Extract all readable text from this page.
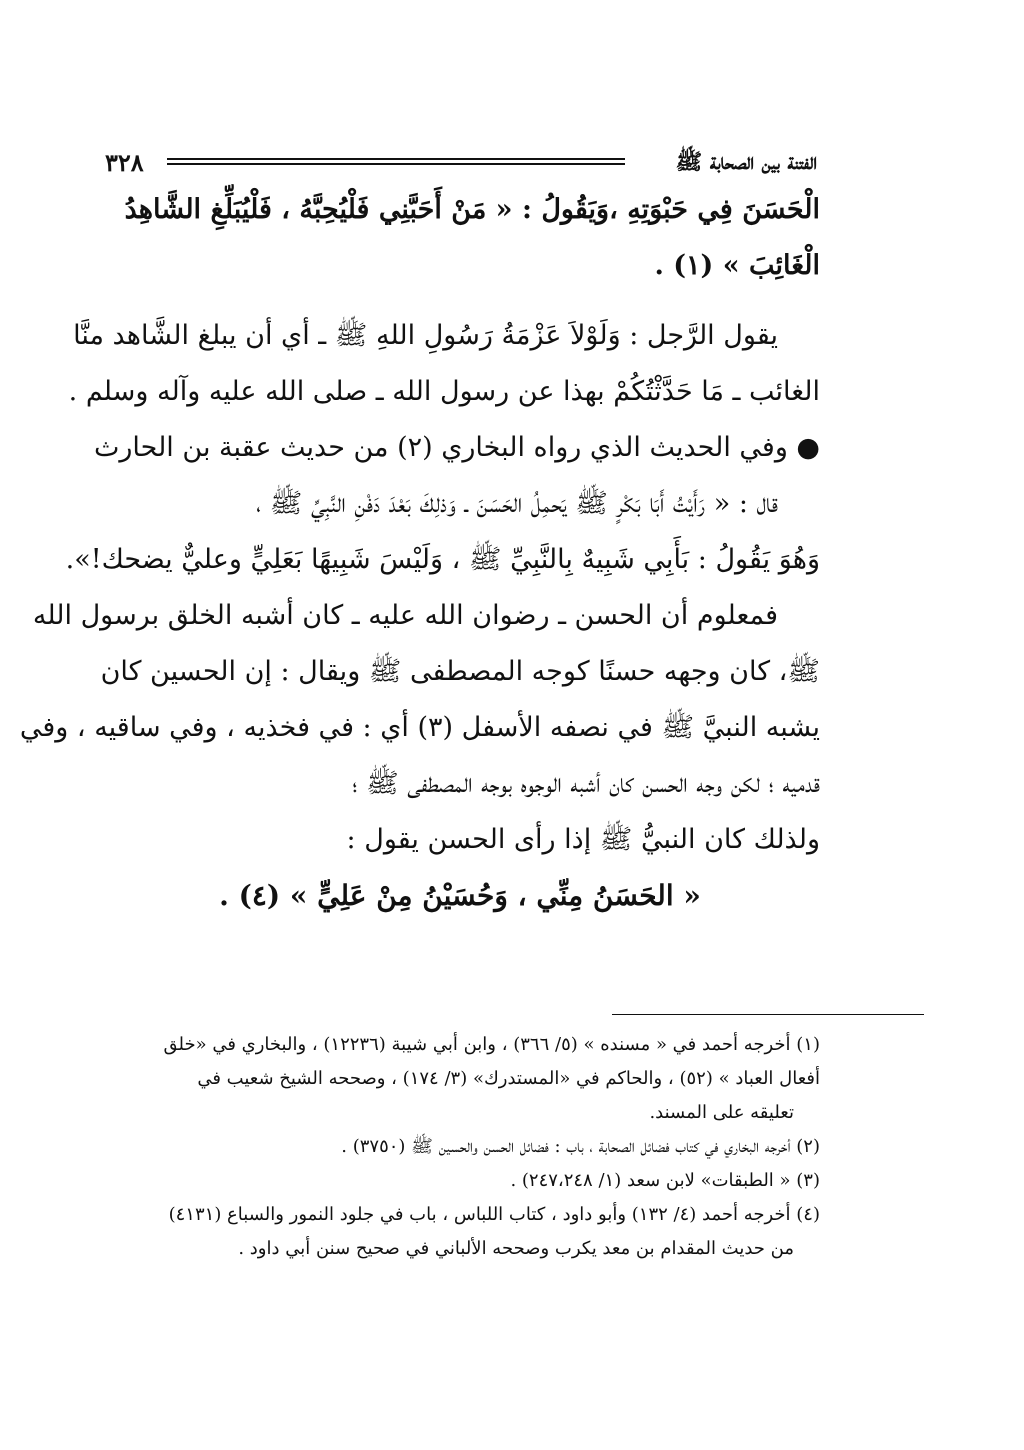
٣٢٨	الفتنة بين الصحابة ﷺ
الْحَسَنَ فِي حَبْوَتِهِ ،وَيَقُولُ : « مَنْ أَحَبَّنِي فَلْيُحِبَّهُ ، فَلْيُبَلِّغِ الشَّاهِدُ
الْغَائِبَ » (١) .
يقول الرَّجل : وَلَوْلاَ عَزْمَةُ رَسُولِ اللهِ ﷺ ـ أي أن يبلغ الشَّاهد منَّا
الغائب ـ مَا حَدَّثْتُكُمْ بهذا عن رسول الله ـ صلى الله عليه وآله وسلم .
● وفي الحديث الذي رواه البخاري (٢) من حديث عقبة بن الحارث
قال : « رَأَيْتُ أَبَا بَكْرٍ ﷺ يَحمِلُ الحَسَنَ ـ وَذلِكَ بَعْدَ دَفْنِ النَّبِيِّ ﷺ ،
وَهُوَ يَقُولُ : بَأَبِي شَبِيهٌ بِالنَّبِيِّ ﷺ ، وَلَيْسَ شَبِيهًا بَعَلِيٍّ وعليٌّ يضحك!».
فمعلوم أن الحسن ـ رضوان الله عليه ـ كان أشبه الخلق برسول الله
ﷺ، كان وجهه حسنًا كوجه المصطفى ﷺ ويقال : إن الحسين كان
يشبه النبيَّ ﷺ في نصفه الأسفل (٣) أي : في فخذيه ، وفي ساقيه ، وفي
قدميه ؛ لكن وجه الحسن كان أشبه الوجوه بوجه المصطفى ﷺ ؛
ولذلك كان النبيُّ ﷺ إذا رأى الحسن يقول :
« الحَسَنُ مِنِّي ، وَحُسَيْنُ مِنْ عَلِيٍّ » (٤) .
(١) أخرجه أحمد في « مسنده » (٥/ ٣٦٦) ، وابن أبي شيبة (١٢٢٣٦) ، والبخاري في «خلق
أفعال العباد » (٥٢) ، والحاكم في «المستدرك» (٣/ ١٧٤) ، وصححه الشيخ شعيب في
تعليقه على المسند.
(٢) أخرجه البخاري في كتاب فضائل الصحابة ، باب : فضائل الحسن والحسين ﷺ (٣٧٥٠) .
(٣) « الطبقات» لابن سعد (١/ ٢٤٧،٢٤٨) .
(٤) أخرجه أحمد (٤/ ١٣٢) وأبو داود ، كتاب اللباس ، باب في جلود النمور والسباع (٤١٣١)
من حديث المقدام بن معد يكرب وصححه الألباني في صحيح سنن أبي داود .
